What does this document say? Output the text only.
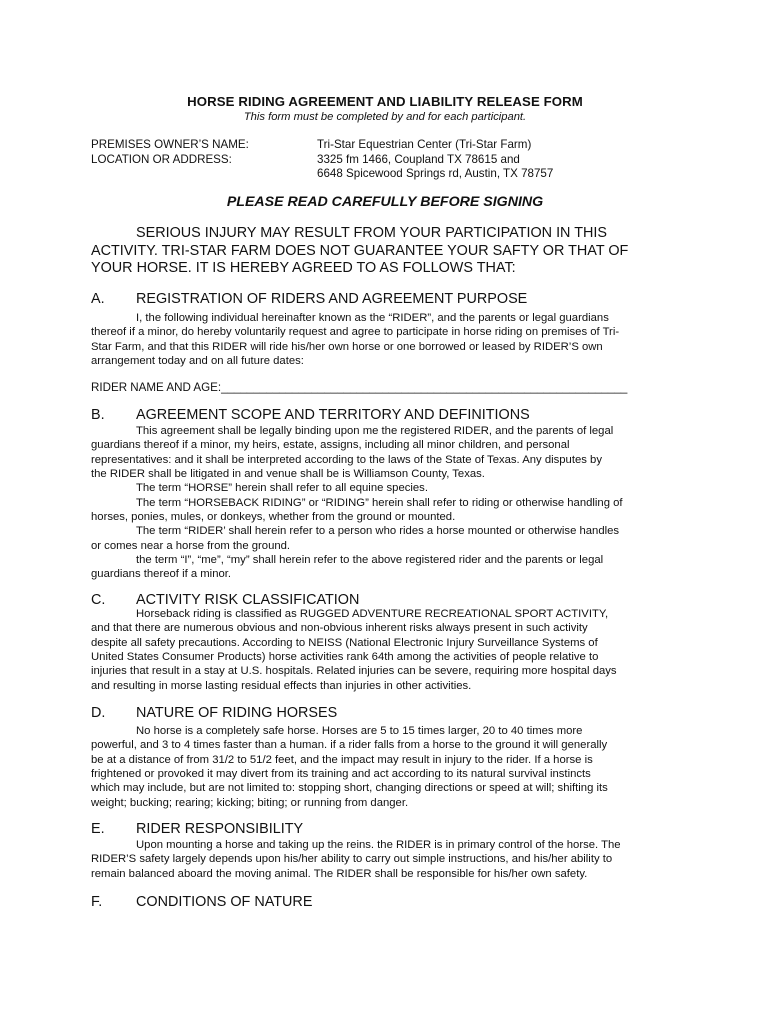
HORSE RIDING AGREEMENT AND LIABILITY RELEASE FORM
This form must be completed by and for each participant.
PREMISES OWNER’S NAME:
LOCATION OR ADDRESS:
Tri-Star Equestrian Center (Tri-Star Farm)
3325 fm 1466, Coupland TX 78615 and
6648 Spicewood Springs rd, Austin, TX 78757
PLEASE READ CAREFULLY BEFORE SIGNING
SERIOUS INJURY MAY RESULT FROM YOUR PARTICIPATION IN THIS
ACTIVITY. TRI-STAR FARM DOES NOT GUARANTEE YOUR SAFTY OR THAT OF
YOUR HORSE. IT IS HEREBY AGREED TO AS FOLLOWS THAT:
A. REGISTRATION OF RIDERS AND AGREEMENT PURPOSE

I, the following individual hereinafter known as the “RIDER”, and the parents or legal guardians

thereof if a minor, do hereby voluntarily request and agree to participate in horse riding on premises of Tri-

Star Farm, and that this RIDER will ride his/her own horse or one borrowed or leased by RIDER’S own

arrangement today and on all future dates:

RIDER NAME AND AGE:_______________________________________________________________
B. AGREEMENT SCOPE AND TERRITORY AND DEFINITIONS

This agreement shall be legally binding upon me the registered RIDER, and the parents of legal

guardians thereof if a minor, my heirs, estate, assigns, including all minor children, and personal

representatives: and it shall be interpreted according to the laws of the State of Texas. Any disputes by

the RIDER shall be litigated in and venue shall be is Williamson County, Texas.

The term “HORSE” herein shall refer to all equine species.

The term “HORSEBACK RIDING” or “RIDING” herein shall refer to riding or otherwise handling of

horses, ponies, mules, or donkeys, whether from the ground or mounted.

The term “RIDER’ shall herein refer to a person who rides a horse mounted or otherwise handles

or comes near a horse from the ground.

the term “I”, “me”, “my” shall herein refer to the above registered rider and the parents or legal

guardians thereof if a minor.

C. ACTIVITY RISK CLASSIFICATION

Horseback riding is classified as RUGGED ADVENTURE RECREATIONAL SPORT ACTIVITY,

and that there are numerous obvious and non-obvious inherent risks always present in such activity

despite all safety precautions. According to NEISS (National Electronic Injury Surveillance Systems of

United States Consumer Products) horse activities rank 64th among the activities of people relative to

injuries that result in a stay at U.S. hospitals. Related injuries can be severe, requiring more hospital days

and resulting in morse lasting residual effects than injuries in other activities.

D. NATURE OF RIDING HORSES

No horse is a completely safe horse. Horses are 5 to 15 times larger, 20 to 40 times more

powerful, and 3 to 4 times faster than a human. if a rider falls from a horse to the ground it will generally

be at a distance of from 31/2 to 51/2 feet, and the impact may result in injury to the rider. If a horse is

frightened or provoked it may divert from its training and act according to its natural survival instincts

which may include, but are not limited to: stopping short, changing directions or speed at will; shifting its

weight; bucking; rearing; kicking; biting; or running from danger.

E. RIDER RESPONSIBILITY

Upon mounting a horse and taking up the reins. the RIDER is in primary control of the horse. The

RIDER’S safety largely depends upon his/her ability to carry out simple instructions, and his/her ability to

remain balanced aboard the moving animal. The RIDER shall be responsible for his/her own safety.

F. CONDITIONS OF NATURE
